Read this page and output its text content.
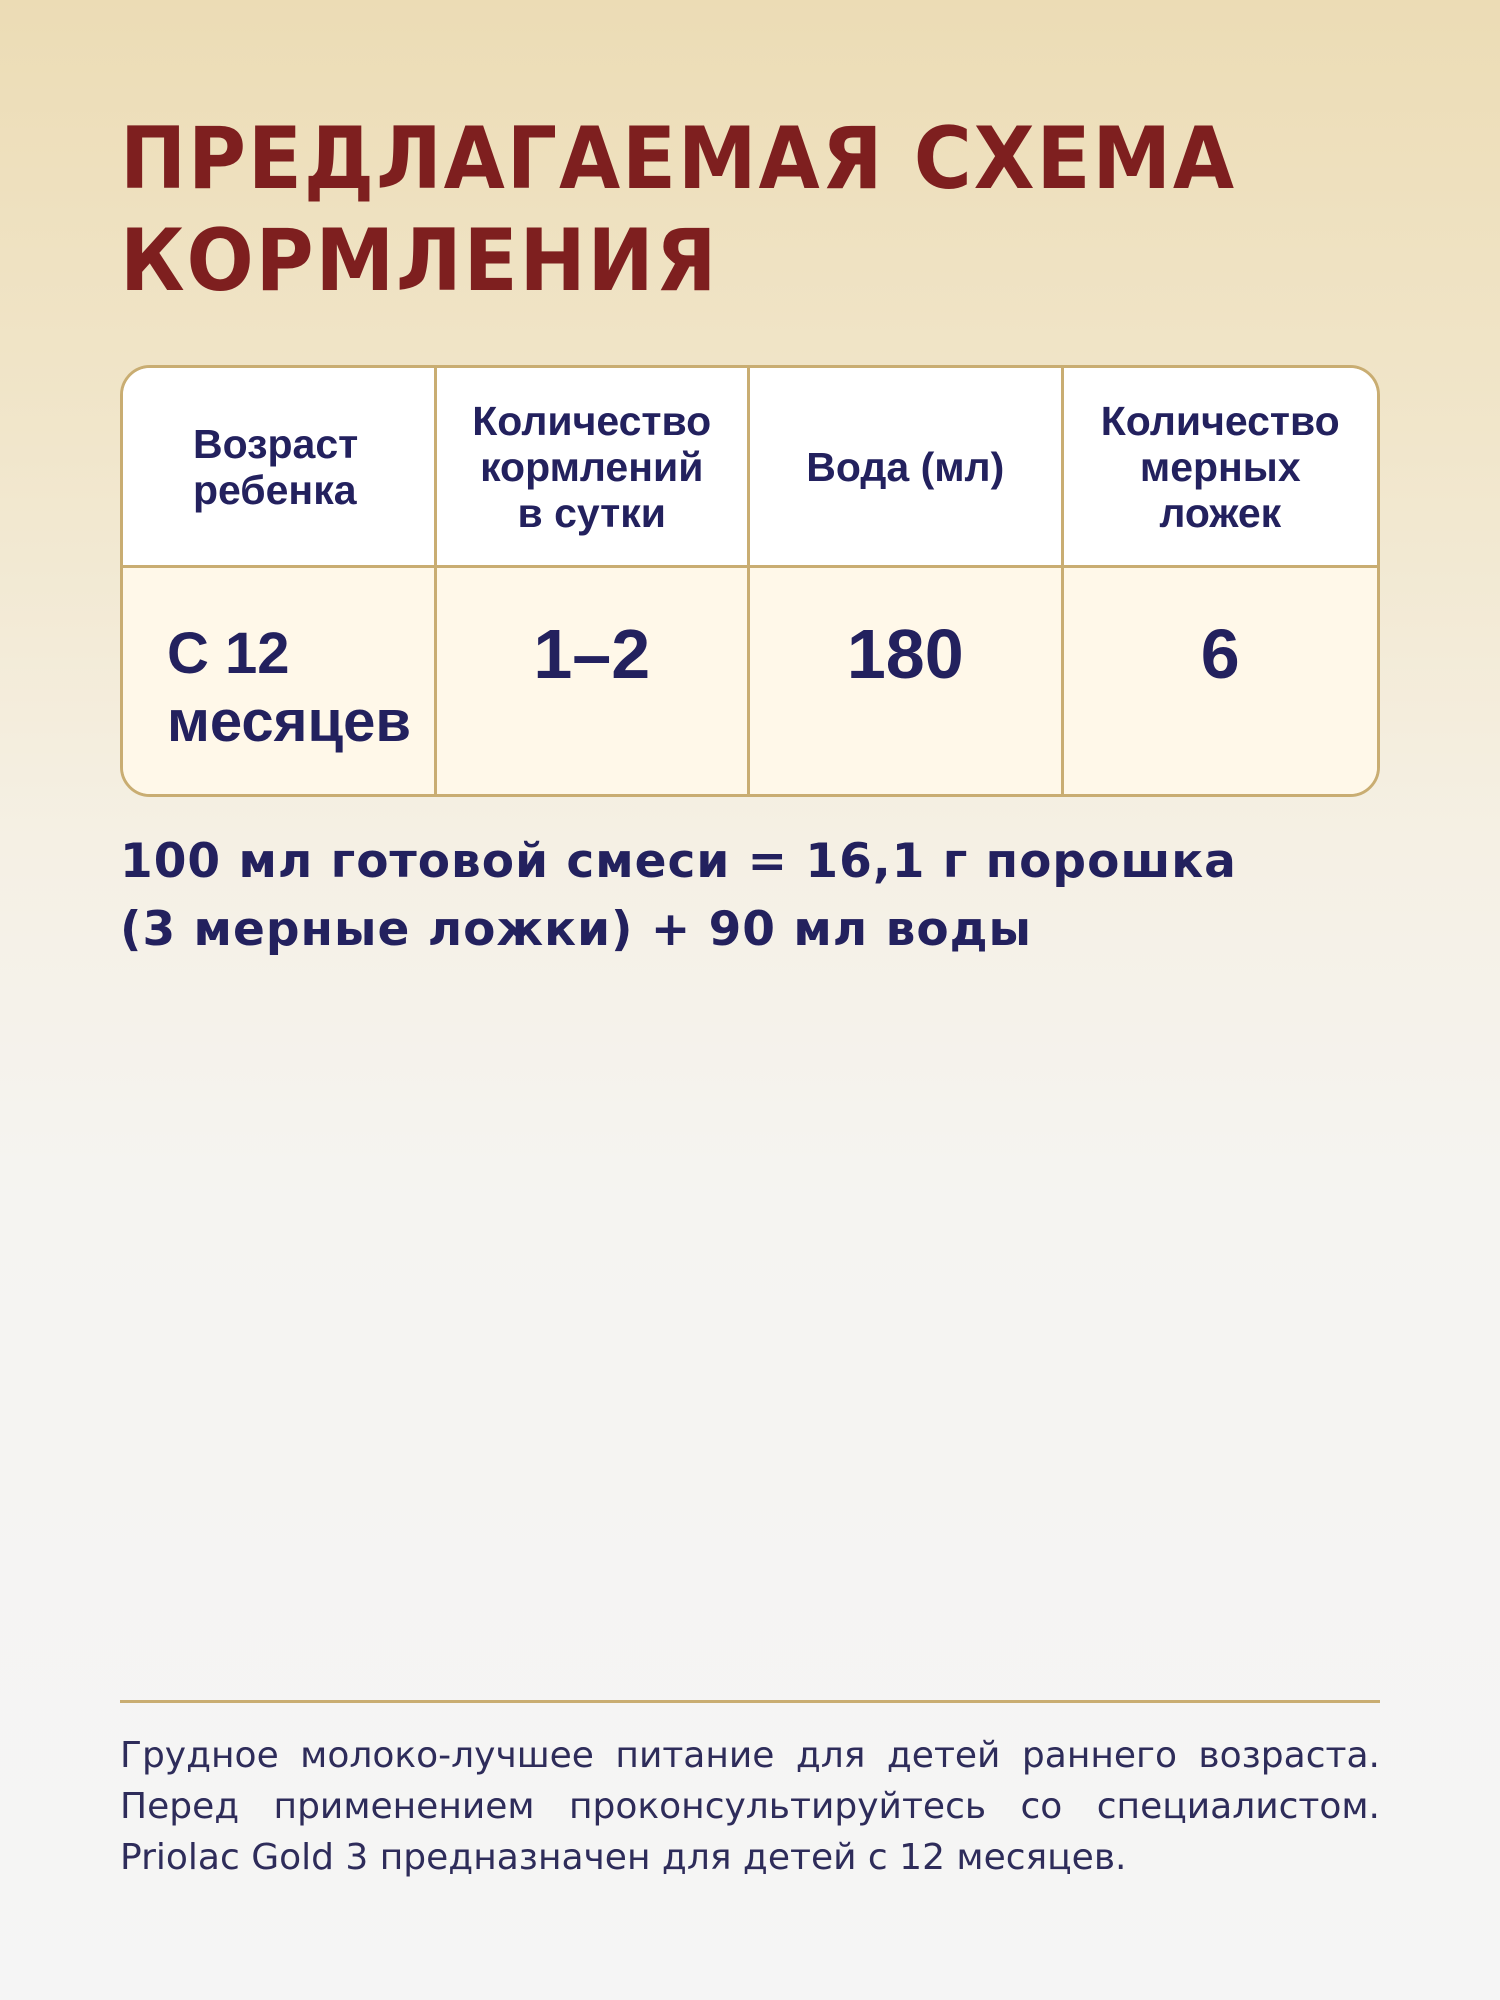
ПРЕДЛАГАЕМАЯ СХЕМА КОРМЛЕНИЯ
Возраст
ребенка
Количество
кормлений
в сутки
Вода (мл)
Количество
мерных
ложек
С 12
месяцев
1–2	180	6

100 мл готовой смеси = 16,1 г порошка
(3 мерные ложки) + 90 мл воды

Грудное молоко-лучшее питание для детей раннего возраста. Перед применением проконсультируйтесь со специалистом. Priolac Gold 3 предназначен для детей с 12 месяцев.
